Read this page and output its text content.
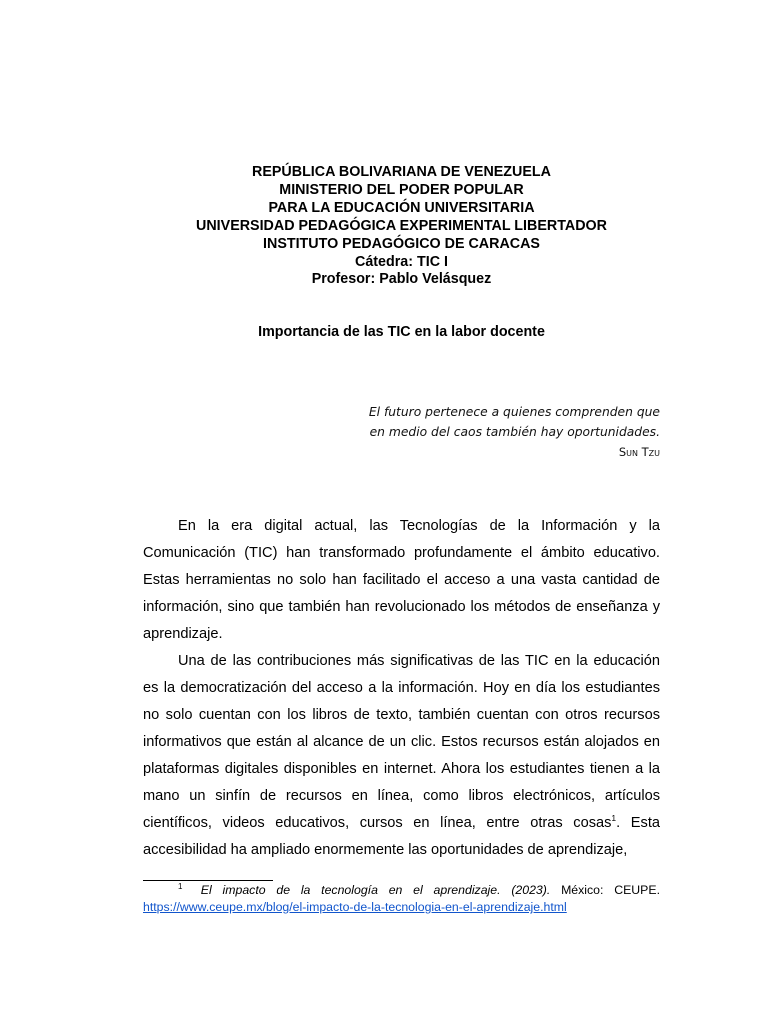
REPÚBLICA BOLIVARIANA DE VENEZUELA
MINISTERIO DEL PODER POPULAR
PARA LA EDUCACIÓN UNIVERSITARIA
UNIVERSIDAD PEDAGÓGICA EXPERIMENTAL LIBERTADOR
INSTITUTO PEDAGÓGICO DE CARACAS
Cátedra: TIC I
Profesor: Pablo Velásquez
Importancia de las TIC en la labor docente
El futuro pertenece a quienes comprenden que
en medio del caos también hay oportunidades.
Sun Tzu

En la era digital actual, las Tecnologías de la Información y la Comunicación (TIC) han transformado profundamente el ámbito educativo. Estas herramientas no solo han facilitado el acceso a una vasta cantidad de información, sino que también han revolucionado los métodos de enseñanza y aprendizaje.

Una de las contribuciones más significativas de las TIC en la educación es la democratización del acceso a la información. Hoy en día los estudiantes no solo cuentan con los libros de texto, también cuentan con otros recursos informativos que están al alcance de un clic. Estos recursos están alojados en plataformas digitales disponibles en internet. Ahora los estudiantes tienen a la mano un sinfín de recursos en línea, como libros electrónicos, artículos científicos, videos educativos, cursos en línea, entre otras cosas$^1$. Esta accesibilidad ha ampliado enormemente las oportunidades de aprendizaje,

1 El impacto de la tecnología en el aprendizaje. (2023). México: CEUPE. https://www.ceupe.mx/blog/el-impacto-de-la-tecnologia-en-el-aprendizaje.html
